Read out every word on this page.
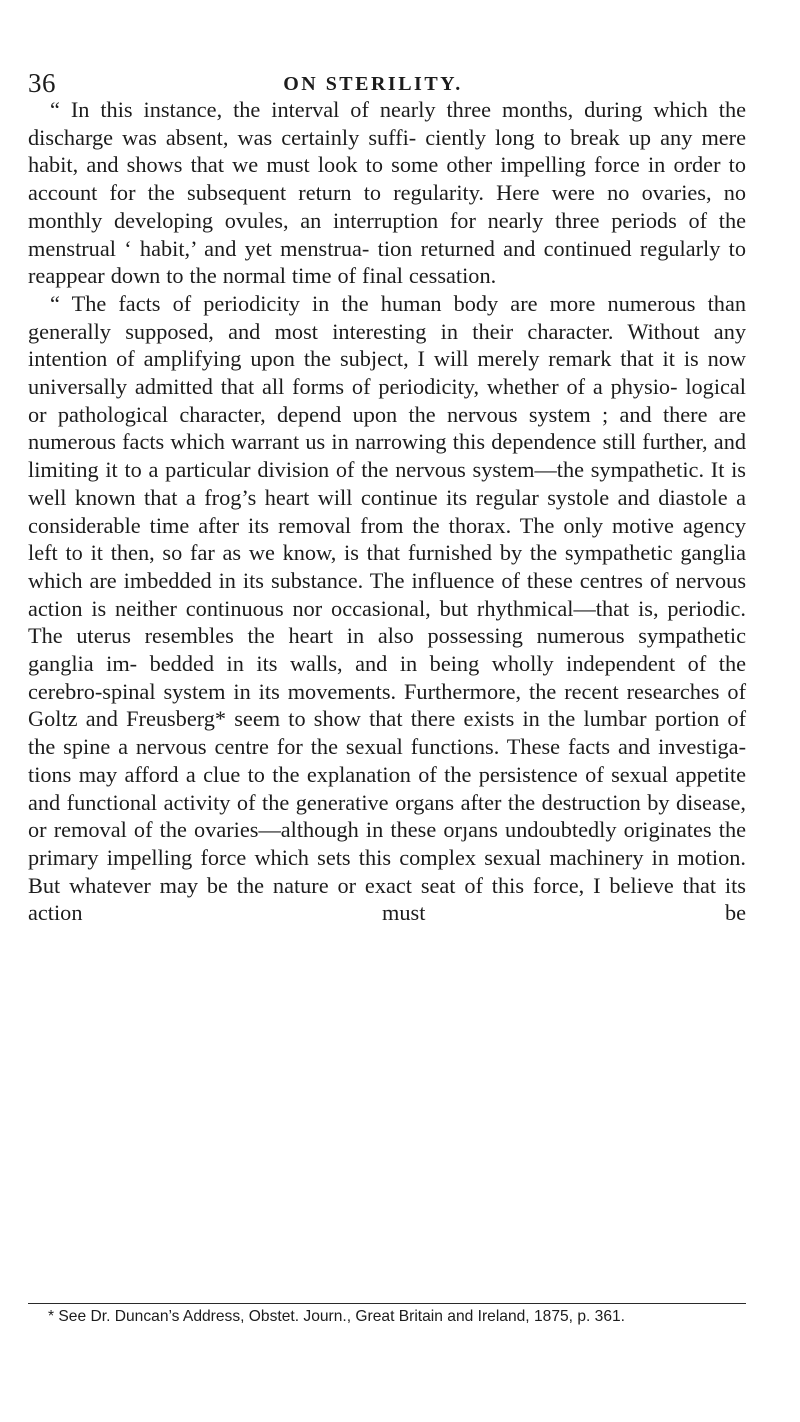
36	ON STERILITY.

“ In this instance, the interval of nearly three months, during which the discharge was absent, was certainly suffi- ciently long to break up any mere habit, and shows that we must look to some other impelling force in order to account for the subsequent return to regularity. Here were no ovaries, no monthly developing ovules, an interruption for nearly three periods of the menstrual ‘ habit,’ and yet menstrua- tion returned and continued regularly to reappear down to the normal time of final cessation.

“ The facts of periodicity in the human body are more numerous than generally supposed, and most interesting in their character. Without any intention of amplifying upon the subject, I will merely remark that it is now universally admitted that all forms of periodicity, whether of a physio- logical or pathological character, depend upon the nervous system ; and there are numerous facts which warrant us in narrowing this dependence still further, and limiting it to a particular division of the nervous system—the sympathetic. It is well known that a frog’s heart will continue its regular systole and diastole a considerable time after its removal from the thorax. The only motive agency left to it then, so far as we know, is that furnished by the sympathetic ganglia which are imbedded in its substance. The influence of these centres of nervous action is neither continuous nor occasional, but rhythmical—that is, periodic. The uterus resembles the heart in also possessing numerous sympathetic ganglia im- bedded in its walls, and in being wholly independent of the cerebro-spinal system in its movements. Furthermore, the recent researches of Goltz and Freusberg* seem to show that there exists in the lumbar portion of the spine a nervous centre for the sexual functions. These facts and investiga- tions may afford a clue to the explanation of the persistence of sexual appetite and functional activity of the generative organs after the destruction by disease, or removal of the ovaries—although in these orȷans undoubtedly originates the primary impelling force which sets this complex sexual machinery in motion. But whatever may be the nature or exact seat of this force, I believe that its action must be

* See Dr. Duncan’s Address, Obstet. Journ., Great Britain and Ireland, 1875, p. 361.
